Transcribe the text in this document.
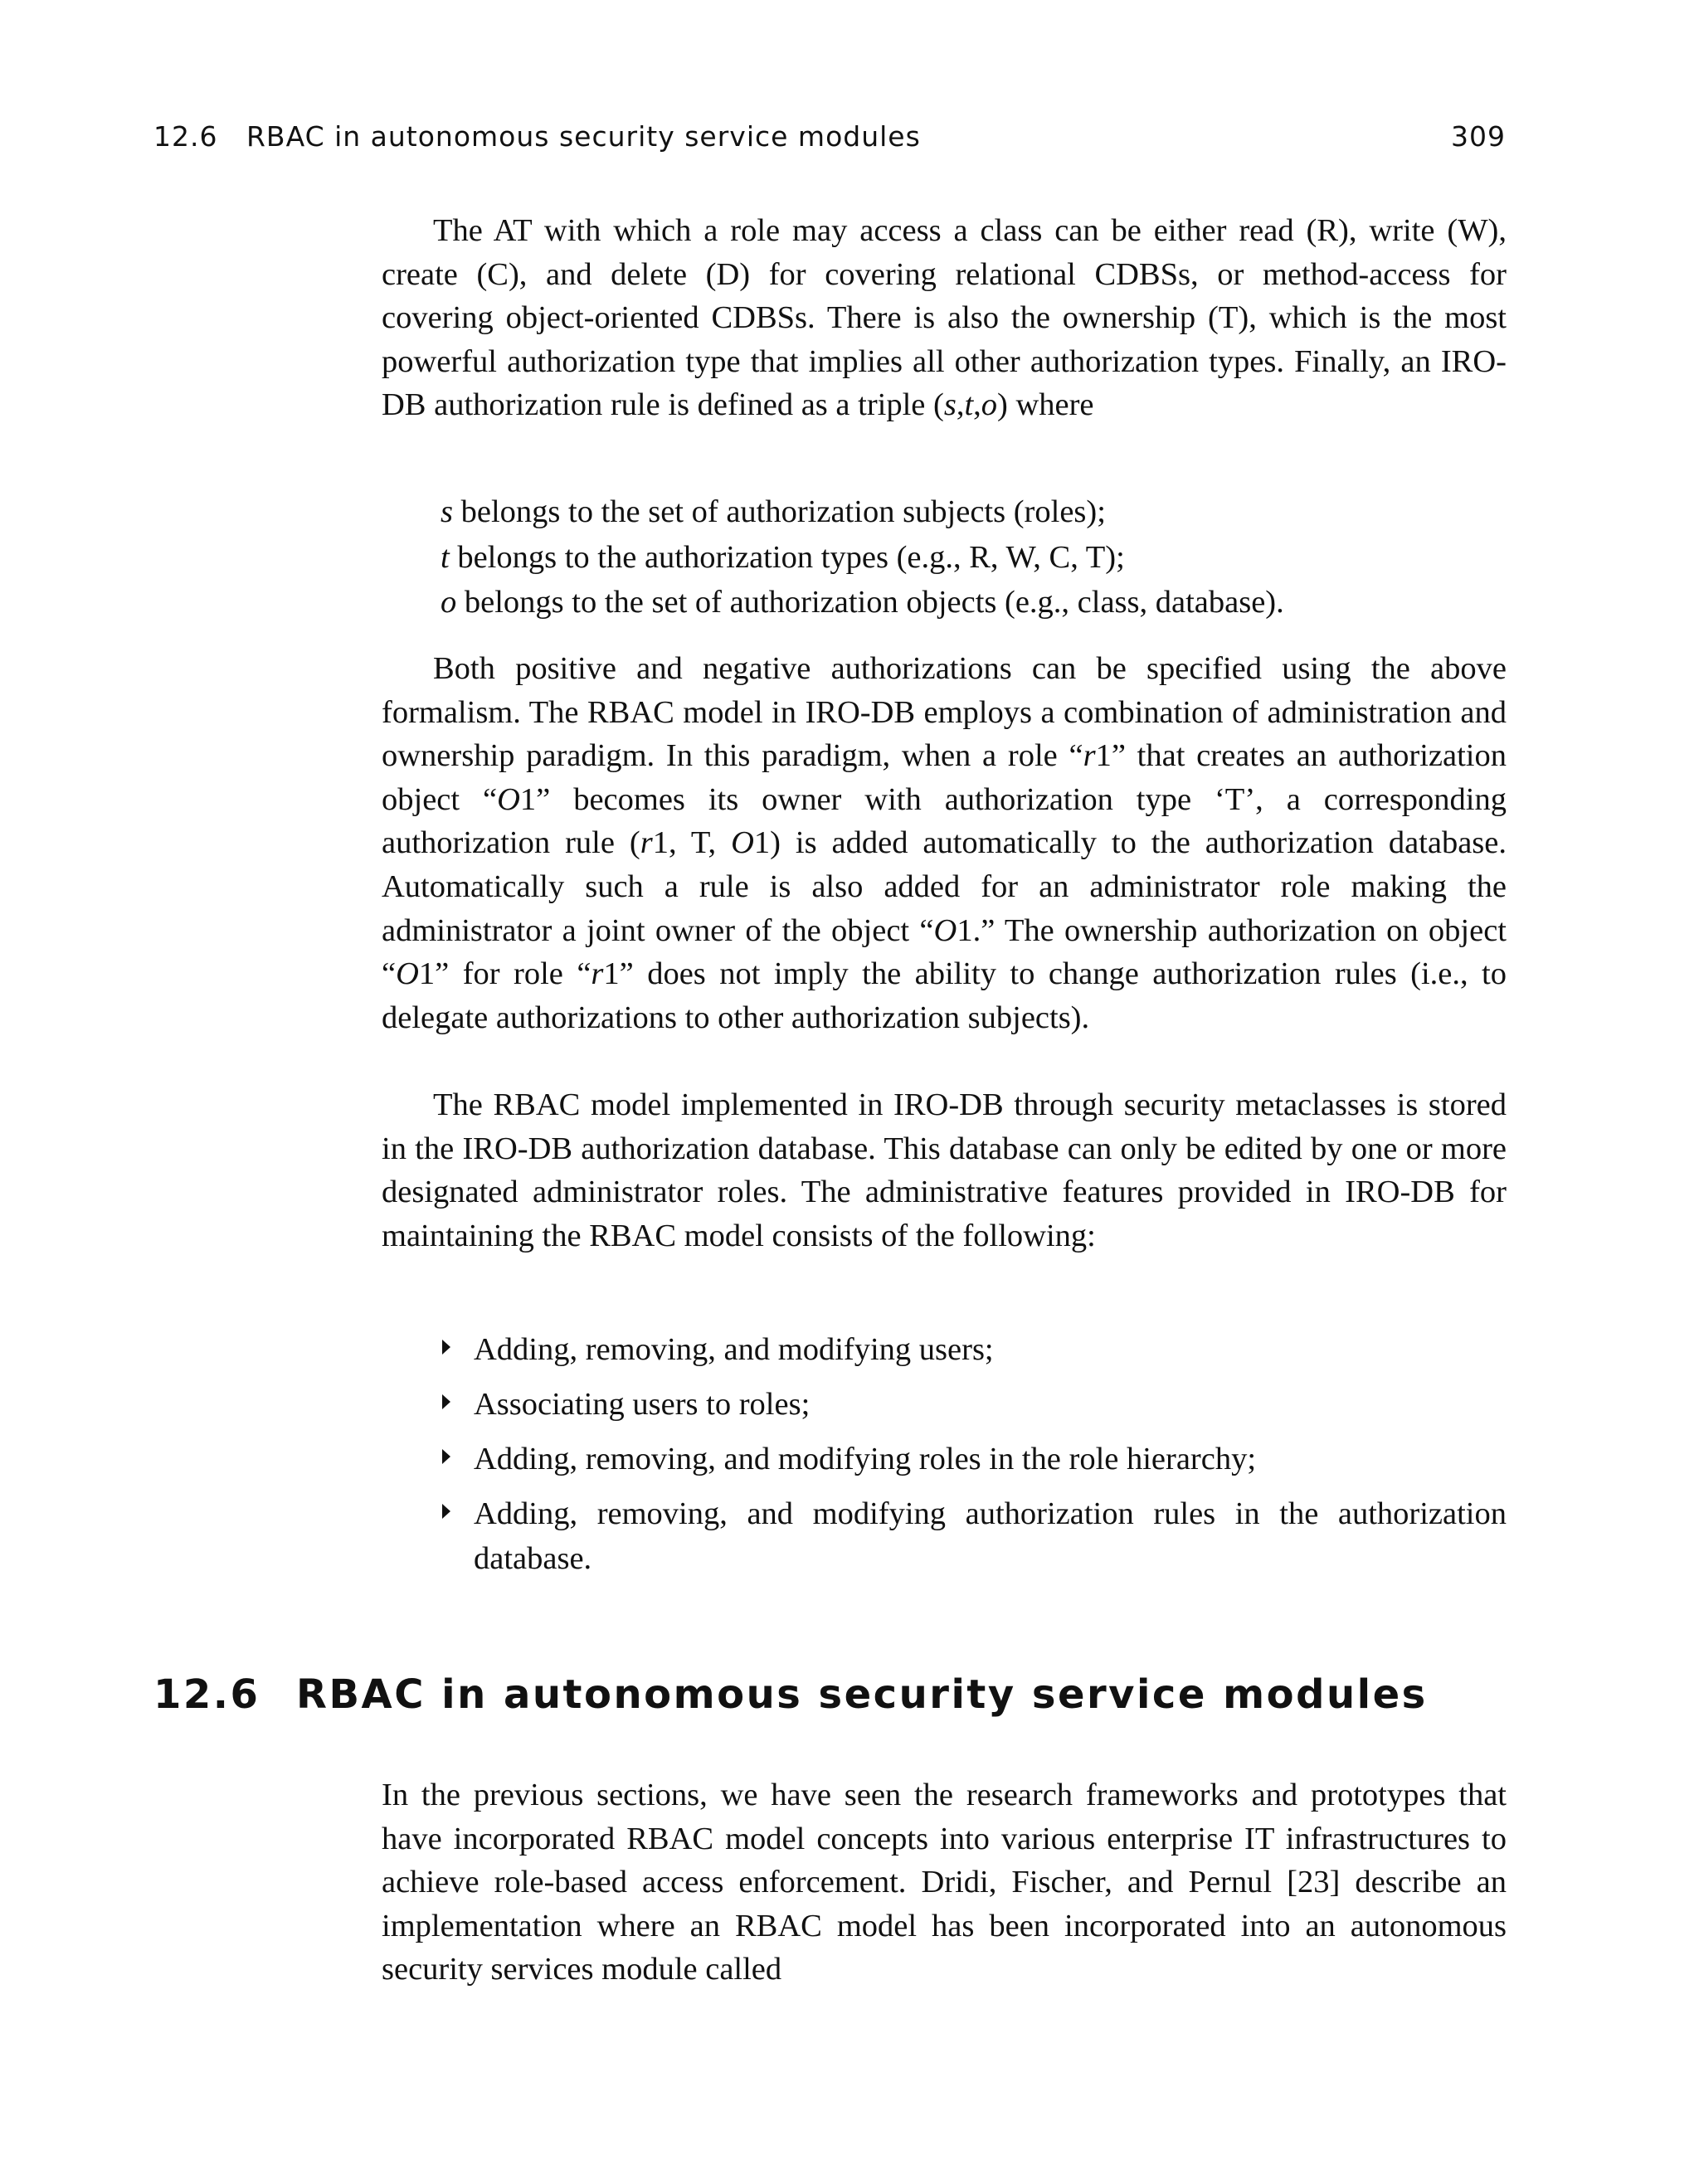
12.6 RBAC in autonomous security service modules	309

The AT with which a role may access a class can be either read (R), write (W), create (C), and delete (D) for covering relational CDBSs, or method-access for covering object-oriented CDBSs. There is also the ownership (T), which is the most powerful authorization type that implies all other authorization types. Finally, an IRO-DB authorization rule is defined as a triple (s,t,o) where

s belongs to the set of authorization subjects (roles);
t belongs to the authorization types (e.g., R, W, C, T);
o belongs to the set of authorization objects (e.g., class, database).

Both positive and negative authorizations can be specified using the above formalism. The RBAC model in IRO-DB employs a combination of administration and ownership paradigm. In this paradigm, when a role “r1” that creates an authorization object “O1” becomes its owner with authorization type ‘T’, a corresponding authorization rule (r1, T, O1) is added automatically to the authorization database. Automatically such a rule is also added for an administrator role making the administrator a joint owner of the object “O1.” The ownership authorization on object “O1” for role “r1” does not imply the ability to change authorization rules (i.e., to delegate authorizations to other authorization subjects).

The RBAC model implemented in IRO-DB through security metaclasses is stored in the IRO-DB authorization database. This database can only be edited by one or more designated administrator roles. The administrative features provided in IRO-DB for maintaining the RBAC model consists of the following:

Adding, removing, and modifying users;
Associating users to roles;
Adding, removing, and modifying roles in the role hierarchy;
Adding, removing, and modifying authorization rules in the authorization database.
12.6 RBAC in autonomous security service modules

In the previous sections, we have seen the research frameworks and prototypes that have incorporated RBAC model concepts into various enterprise IT infrastructures to achieve role-based access enforcement. Dridi, Fischer, and Pernul [23] describe an implementation where an RBAC model has been incorporated into an autonomous security services module called
